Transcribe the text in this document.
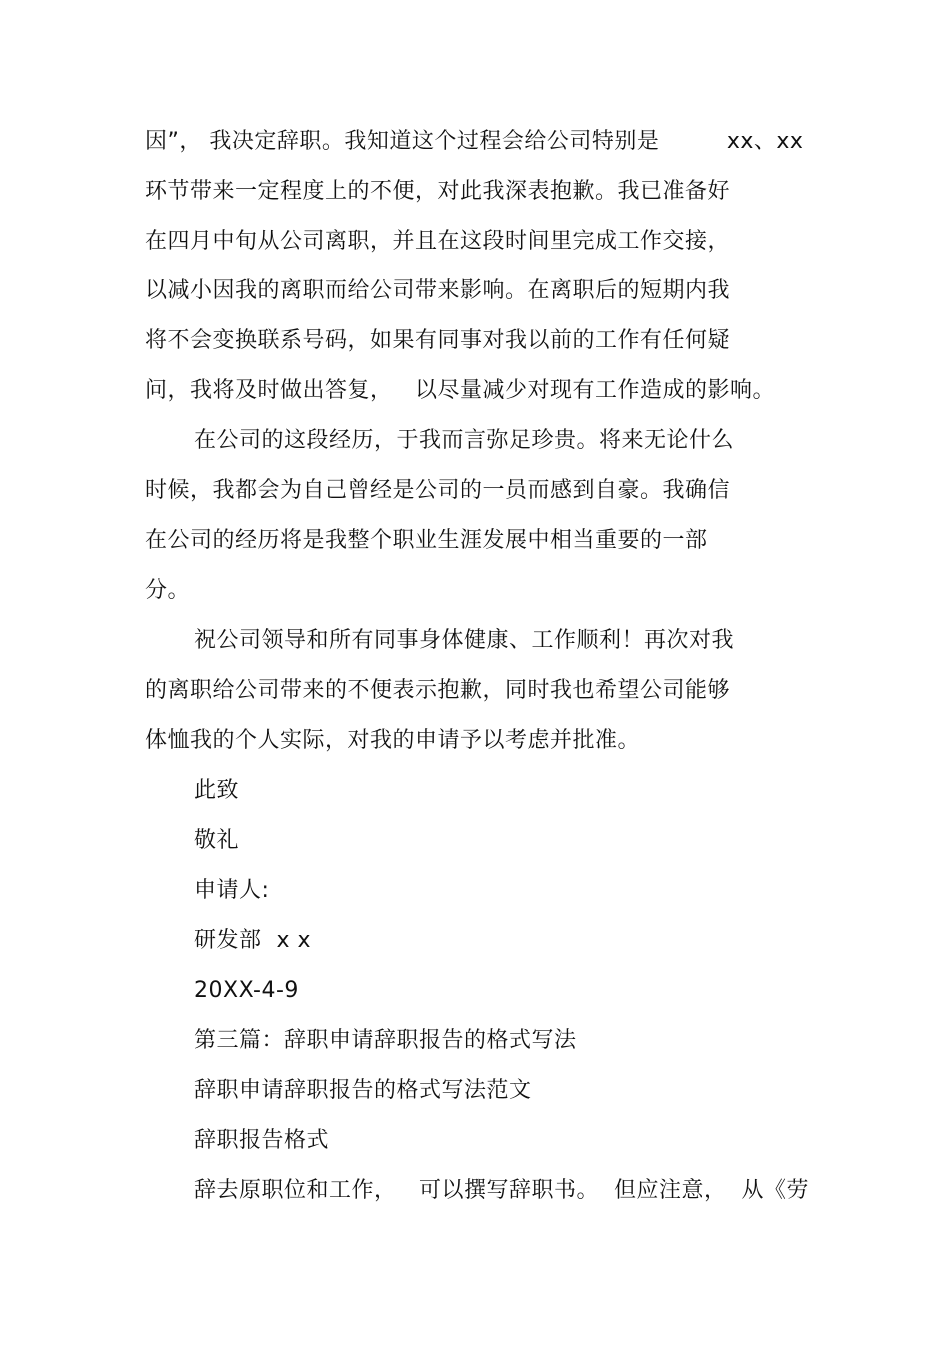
因”， 我决定辞职。我知道这个过程会给公司特别是         xx、xx
环节带来一定程度上的不便，对此我深表抱歉。我已准备好
在四月中旬从公司离职，并且在这段时间里完成工作交接，
以减小因我的离职而给公司带来影响。在离职后的短期内我
将不会变换联系号码，如果有同事对我以前的工作有任何疑
问，我将及时做出答复，   以尽量减少对现有工作造成的影响。
在公司的这段经历，于我而言弥足珍贵。将来无论什么
时候，我都会为自己曾经是公司的一员而感到自豪。我确信
在公司的经历将是我整个职业生涯发展中相当重要的一部
分。
祝公司领导和所有同事身体健康、工作顺利！再次对我
的离职给公司带来的不便表示抱歉，同时我也希望公司能够
体恤我的个人实际，对我的申请予以考虑并批准。
此致
敬礼
申请人:
研发部  x x
20XX-4-9
第三篇：辞职申请辞职报告的格式写法
辞职申请辞职报告的格式写法范文
辞职报告格式
辞去原职位和工作，   可以撰写辞职书。  但应注意，  从《劳
